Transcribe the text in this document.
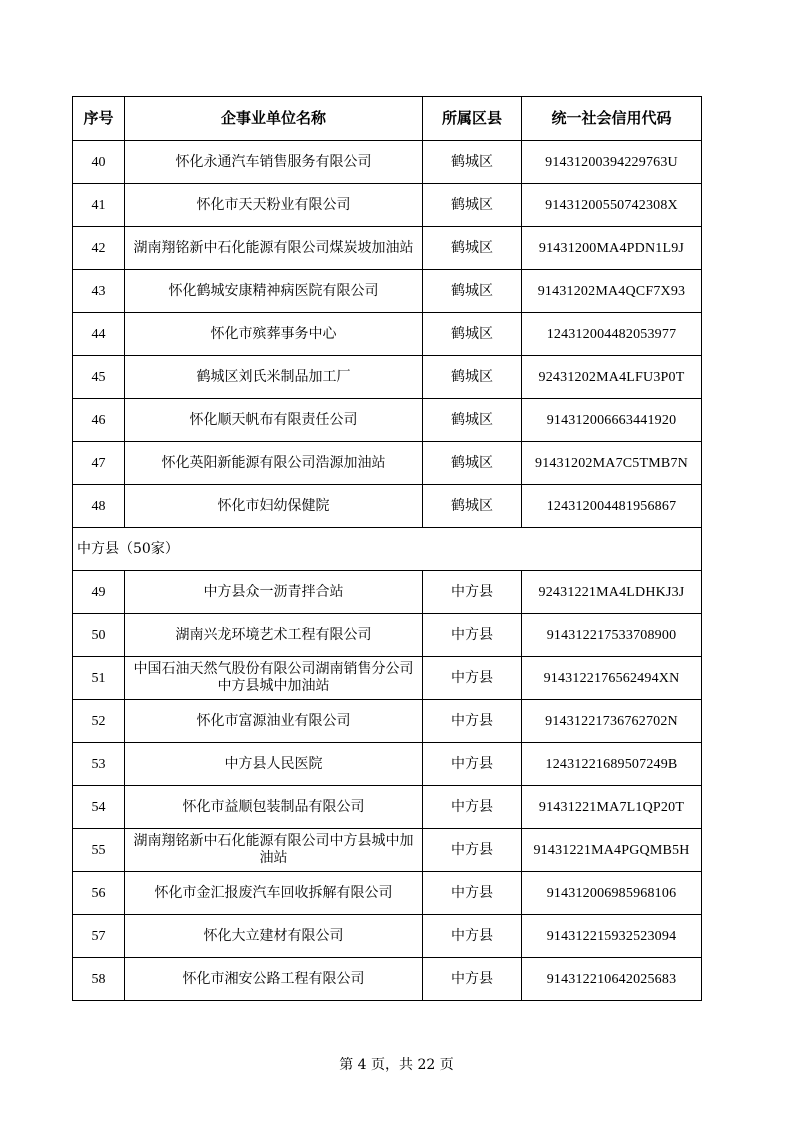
序号	企事业单位名称	所属区县	统一社会信用代码
40	怀化永通汽车销售服务有限公司	鹤城区	91431200394229763U
41	怀化市天天粉业有限公司	鹤城区	91431200550742308X
42	湖南翔铭新中石化能源有限公司煤炭坡加油站	鹤城区	91431200MA4PDN1L9J
43	怀化鹤城安康精神病医院有限公司	鹤城区	91431202MA4QCF7X93
44	怀化市殡葬事务中心	鹤城区	124312004482053977
45	鹤城区刘氏米制品加工厂	鹤城区	92431202MA4LFU3P0T
46	怀化顺天帆布有限责任公司	鹤城区	914312006663441920
47	怀化英阳新能源有限公司浩源加油站	鹤城区	91431202MA7C5TMB7N
48	怀化市妇幼保健院	鹤城区	124312004481956867
中方县（50家）			
49	中方县众一沥青拌合站	中方县	92431221MA4LDHKJ3J
50	湖南兴龙环境艺术工程有限公司	中方县	914312217533708900
51	中国石油天然气股份有限公司湖南销售分公司中方县城中加油站	中方县	914312217656249​4XN
52	怀化市富源油业有限公司	中方县	91431221736762702N
53	中方县人民医院	中方县	12431221689507249B
54	怀化市益顺包装制品有限公司	中方县	91431221MA7L1QP20T
55	湖南翔铭新中石化能源有限公司中方县城中加油站	中方县	91431221MA4PGQMB5H
56	怀化市金汇报废汽车回收拆解有限公司	中方县	914312006985968106
57	怀化大立建材有限公司	中方县	914312215932523094
58	怀化市湘安公路工程有限公司	中方县	914312210642025683
第 4 页，共 22 页
